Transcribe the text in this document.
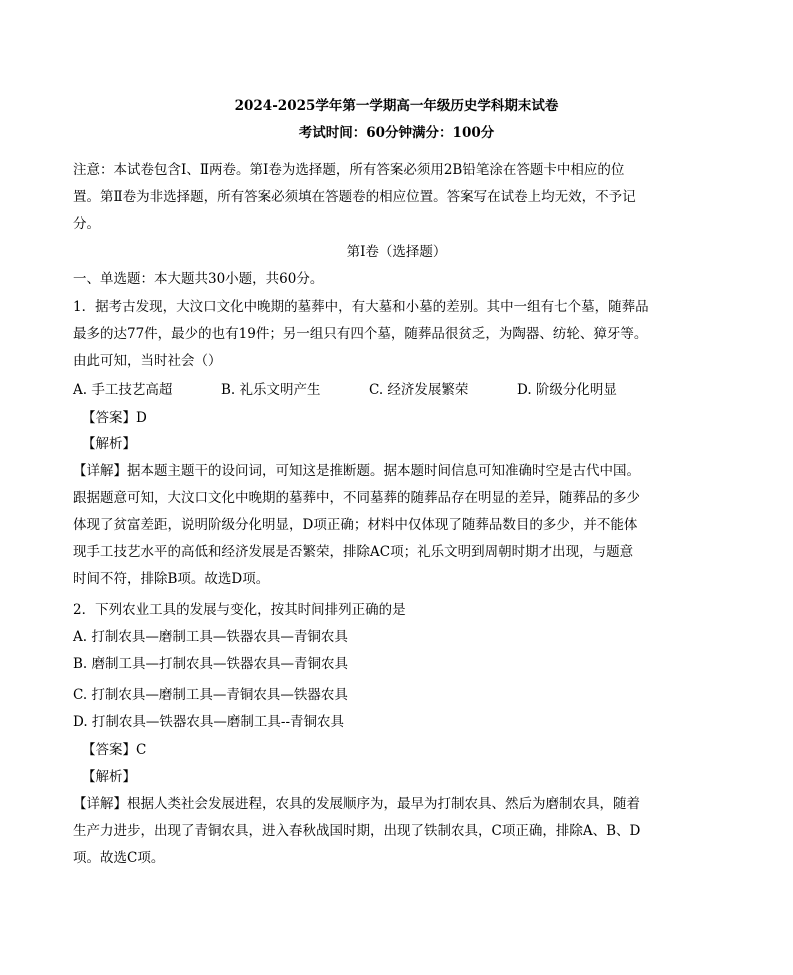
2024-2025学年第一学期高一年级历史学科期末试卷
考试时间：60分钟满分：100分
注意：本试卷包含Ⅰ、Ⅱ两卷。第Ⅰ卷为选择题，所有答案必须用2B铅笔涂在答题卡中相应的位
置。第Ⅱ卷为非选择题，所有答案必须填在答题卷的相应位置。答案写在试卷上均无效，不予记
分。
第Ⅰ卷（选择题）
一、单选题：本大题共30小题，共60分。
1．据考古发现，大汶口文化中晚期的墓葬中，有大墓和小墓的差别。其中一组有七个墓，随葬品
最多的达77件，最少的也有19件；另一组只有四个墓，随葬品很贫乏，为陶器、纺轮、獐牙等。
由此可知，当时社会（）
A. 手工技艺高超	B. 礼乐文明产生	C. 经济发展繁荣	D. 阶级分化明显
【答案】D
【解析】
【详解】据本题主题干的设问词，可知这是推断题。据本题时间信息可知准确时空是古代中国。
跟据题意可知，大汶口文化中晚期的墓葬中，不同墓葬的随葬品存在明显的差异，随葬品的多少
体现了贫富差距，说明阶级分化明显，D项正确；材料中仅体现了随葬品数目的多少，并不能体
现手工技艺水平的高低和经济发展是否繁荣，排除AC项；礼乐文明到周朝时期才出现，与题意
时间不符，排除B项。故选D项。
2．下列农业工具的发展与变化，按其时间排列正确的是
A. 打制农具—磨制工具—铁器农具—青铜农具
B. 磨制工具—打制农具—铁器农具—青铜农具
C. 打制农具—磨制工具—青铜农具—铁器农具
D. 打制农具—铁器农具—磨制工具--青铜农具
【答案】C
【解析】
【详解】根据人类社会发展进程，农具的发展顺序为，最早为打制农具、然后为磨制农具，随着
生产力进步，出现了青铜农具，进入春秋战国时期，出现了铁制农具，C项正确，排除A、B、D
项。故选C项。
